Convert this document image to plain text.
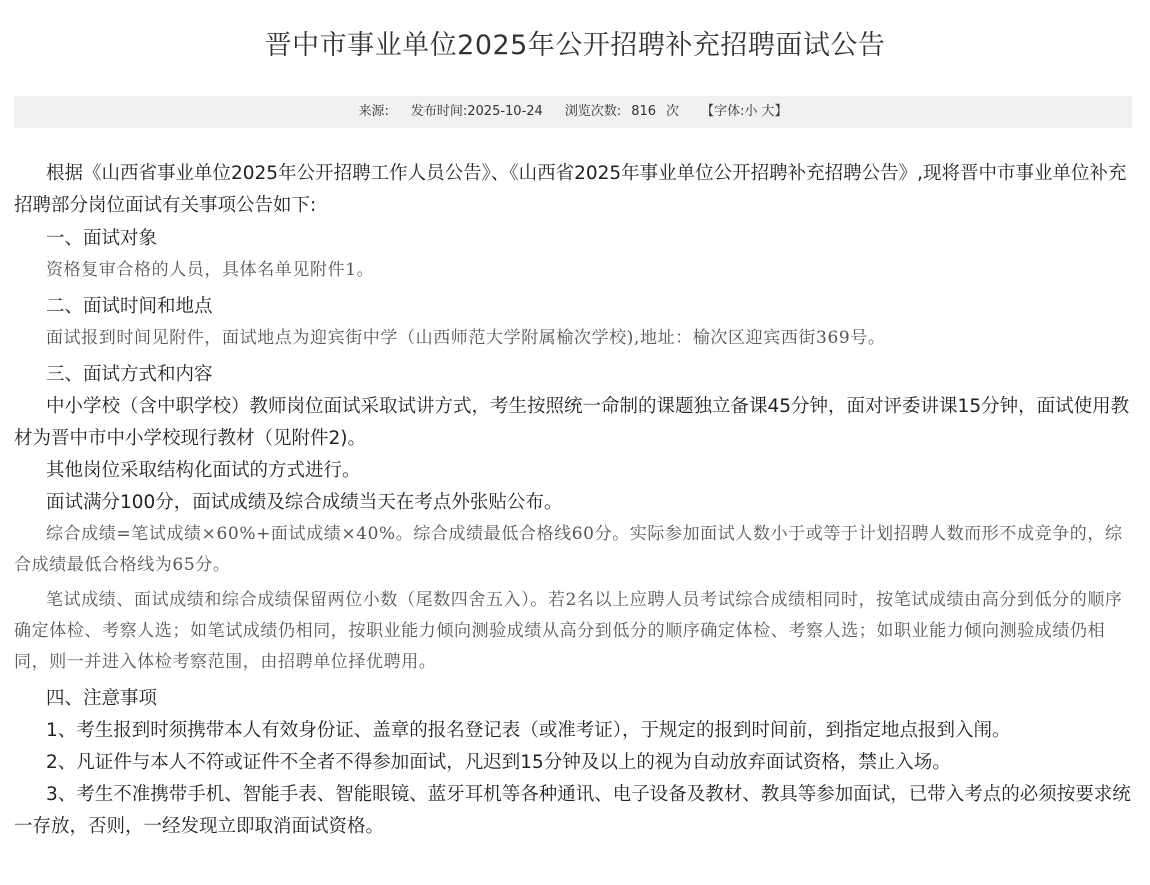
晋中市事业单位2025年公开招聘补充招聘面试公告
来源: 发布时间: 2025-10-24 浏览次数: 816 次 【字体: 小 大 】

根据《山西省事业单位2025年公开招聘工作人员公告》、《山西省2025年事业单位公开招聘补充招聘公告》,现将晋中市事业单位补充招聘部分岗位面试有关事项公告如下:

一、面试对象

资格复审合格的人员，具体名单见附件1。

二、面试时间和地点

面试报到时间见附件，面试地点为迎宾街中学（山西师范大学附属榆次学校),地址：榆次区迎宾西街369号。

三、面试方式和内容

中小学校（含中职学校）教师岗位面试采取试讲方式，考生按照统一命制的课题独立备课45分钟，面对评委讲课15分钟，面试使用教材为晋中市中小学校现行教材（见附件2)。

其他岗位采取结构化面试的方式进行。

面试满分100分，面试成绩及综合成绩当天在考点外张贴公布。

综合成绩=笔试成绩×60%+面试成绩×40%。综合成绩最低合格线60分。实际参加面试人数小于或等于计划招聘人数而形不成竞争的，综合成绩最低合格线为65分。

笔试成绩、面试成绩和综合成绩保留两位小数（尾数四舍五入）。若2名以上应聘人员考试综合成绩相同时，按笔试成绩由高分到低分的顺序确定体检、考察人选；如笔试成绩仍相同，按职业能力倾向测验成绩从高分到低分的顺序确定体检、考察人选；如职业能力倾向测验成绩仍相同，则一并进入体检考察范围，由招聘单位择优聘用。

四、注意事项

1、考生报到时须携带本人有效身份证、盖章的报名登记表（或准考证），于规定的报到时间前，到指定地点报到入闱。

2、凡证件与本人不符或证件不全者不得参加面试，凡迟到15分钟及以上的视为自动放弃面试资格，禁止入场。

3、考生不准携带手机、智能手表、智能眼镜、蓝牙耳机等各种通讯、电子设备及教材、教具等参加面试，已带入考点的必须按要求统一存放，否则，一经发现立即取消面试资格。
